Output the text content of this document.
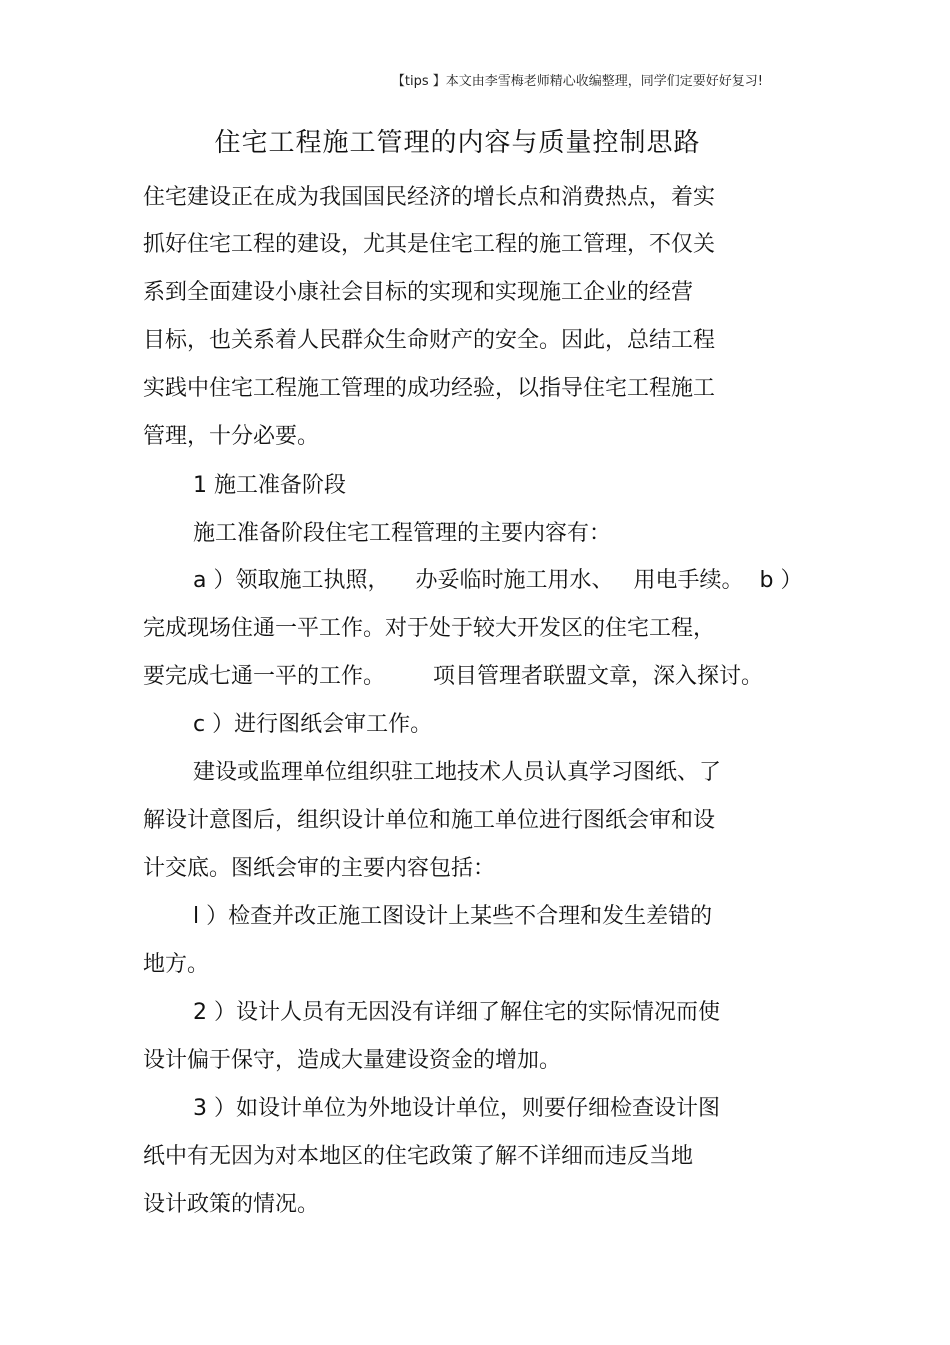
【tips 】本文由李雪梅老师精心收编整理，同学们定要好好复习!
住宅工程施工管理的内容与质量控制思路
住宅建设正在成为我国国民经济的增长点和消费热点，着实
抓好住宅工程的建设，尤其是住宅工程的施工管理，不仅关
系到全面建设小康社会目标的实现和实现施工企业的经营
目标，也关系着人民群众生命财产的安全。因此，总结工程
实践中住宅工程施工管理的成功经验，以指导住宅工程施工
管理，十分必要。
1 施工准备阶段
施工准备阶段住宅工程管理的主要内容有：
a ）领取施工执照， 办妥临时施工用水、 用电手续。 b ）
完成现场住通一平工作。对于处于较大开发区的住宅工程，
要完成七通一平的工作。 项目管理者联盟文章，深入探讨。
c ）进行图纸会审工作。
建设或监理单位组织驻工地技术人员认真学习图纸、了
解设计意图后，组织设计单位和施工单位进行图纸会审和设
计交底。图纸会审的主要内容包括：
l ）检查并改正施工图设计上某些不合理和发生差错的
地方。
2 ）设计人员有无因没有详细了解住宅的实际情况而使
设计偏于保守，造成大量建设资金的增加。
3 ）如设计单位为外地设计单位，则要仔细检查设计图
纸中有无因为对本地区的住宅政策了解不详细而违反当地
设计政策的情况。
